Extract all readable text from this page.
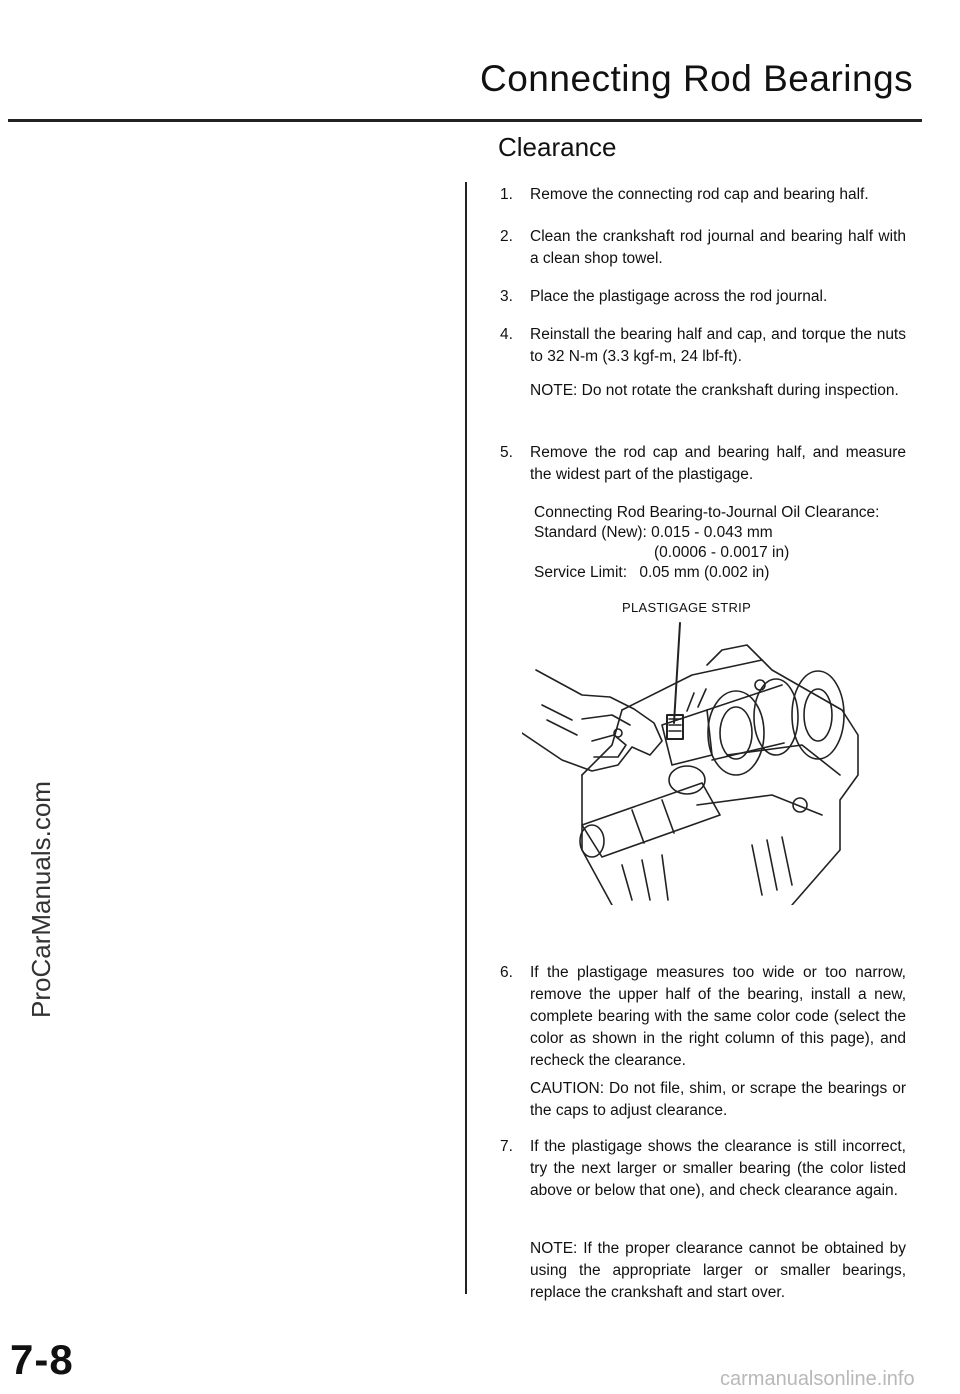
Connecting Rod Bearings
Clearance
ProCarManuals.com
1. Remove the connecting rod cap and bearing half.
2. Clean the crankshaft rod journal and bearing half with a clean shop towel.
3. Place the plastigage across the rod journal.
4. Reinstall the bearing half and cap, and torque the nuts to 32 N-m (3.3 kgf-m, 24 lbf-ft).
NOTE: Do not rotate the crankshaft during inspection.
5. Remove the rod cap and bearing half, and measure the widest part of the plastigage.
Connecting Rod Bearing-to-Journal Oil Clearance:
Standard (New): 0.015 - 0.043 mm
(0.0006 - 0.0017 in)
Service Limit: 0.05 mm (0.002 in)
PLASTIGAGE STRIP
6. If the plastigage measures too wide or too narrow, remove the upper half of the bearing, install a new, complete bearing with the same color code (select the color as shown in the right column of this page), and recheck the clearance.
CAUTION: Do not file, shim, or scrape the bearings or the caps to adjust clearance.
7. If the plastigage shows the clearance is still incorrect, try the next larger or smaller bearing (the color listed above or below that one), and check clearance again.
NOTE: If the proper clearance cannot be obtained by using the appropriate larger or smaller bearings, replace the crankshaft and start over.
7-8	carmanualsonline.info
